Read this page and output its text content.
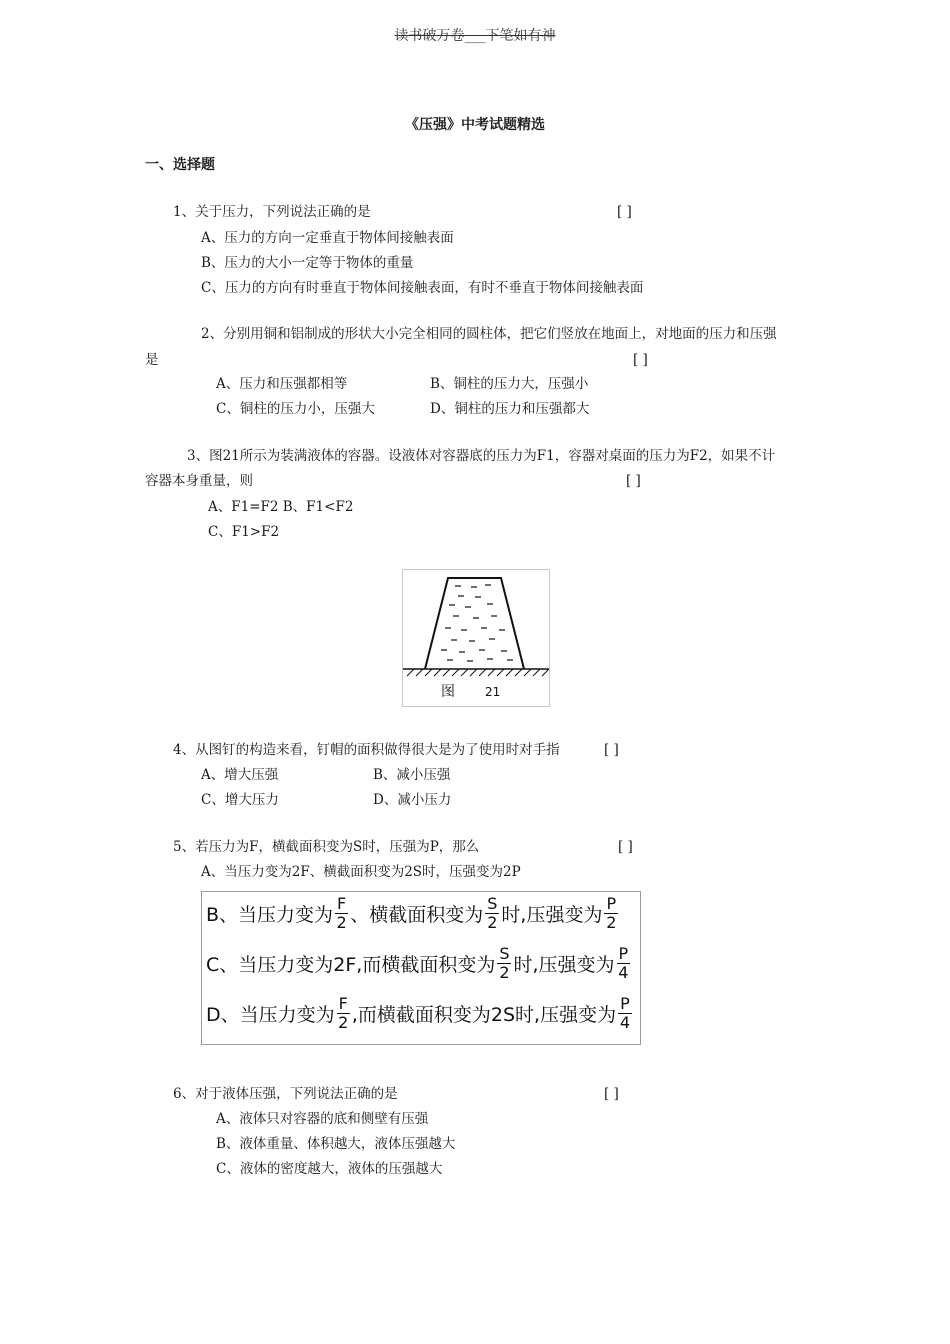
读书破万卷___下笔如有神
《压强》中考试题精选
一、选择题
1、关于压力，下列说法正确的是	[ ]
A、压力的方向一定垂直于物体间接触表面
B、压力的大小一定等于物体的重量
C、压力的方向有时垂直于物体间接触表面，有时不垂直于物体间接触表面
2、分别用铜和铝制成的形状大小完全相同的圆柱体，把它们竖放在地面上，对地面的压力和压强
是	[ ]
A、压力和压强都相等	B、铜柱的压力大，压强小
C、铜柱的压力小，压强大	D、铜柱的压力和压强都大
3、图21所示为装满液体的容器。设液体对容器底的压力为F1，容器对桌面的压力为F2，如果不计
容器本身重量，则	[ ]
A、F1=F2 B、F1<F2
C、F1>F2
图	21
4、从图钉的构造来看，钉帽的面积做得很大是为了使用时对手指	[ ]
A、增大压强	B、减小压强
C、增大压力	D、减小压力
5、若压力为F，横截面积变为S时，压强为P，那么	[ ]
A、当压力变为2F、横截面积变为2S时，压强变为2P
B、当压力变为 $\frac{F}{2}$ 、横截面积变为 $\frac{S}{2}$ 时,压强变为 $\frac{P}{2}$
C、当压力变为2F,而横截面积变为 $\frac{S}{2}$ 时,压强变为 $\frac{P}{4}$
D、当压力变为 $\frac{F}{2}$ ,而横截面积变为2S时,压强变为 $\frac{P}{4}$
6、对于液体压强，下列说法正确的是	[ ]
A、液体只对容器的底和侧壁有压强
B、液体重量、体积越大，液体压强越大
C、液体的密度越大，液体的压强越大
